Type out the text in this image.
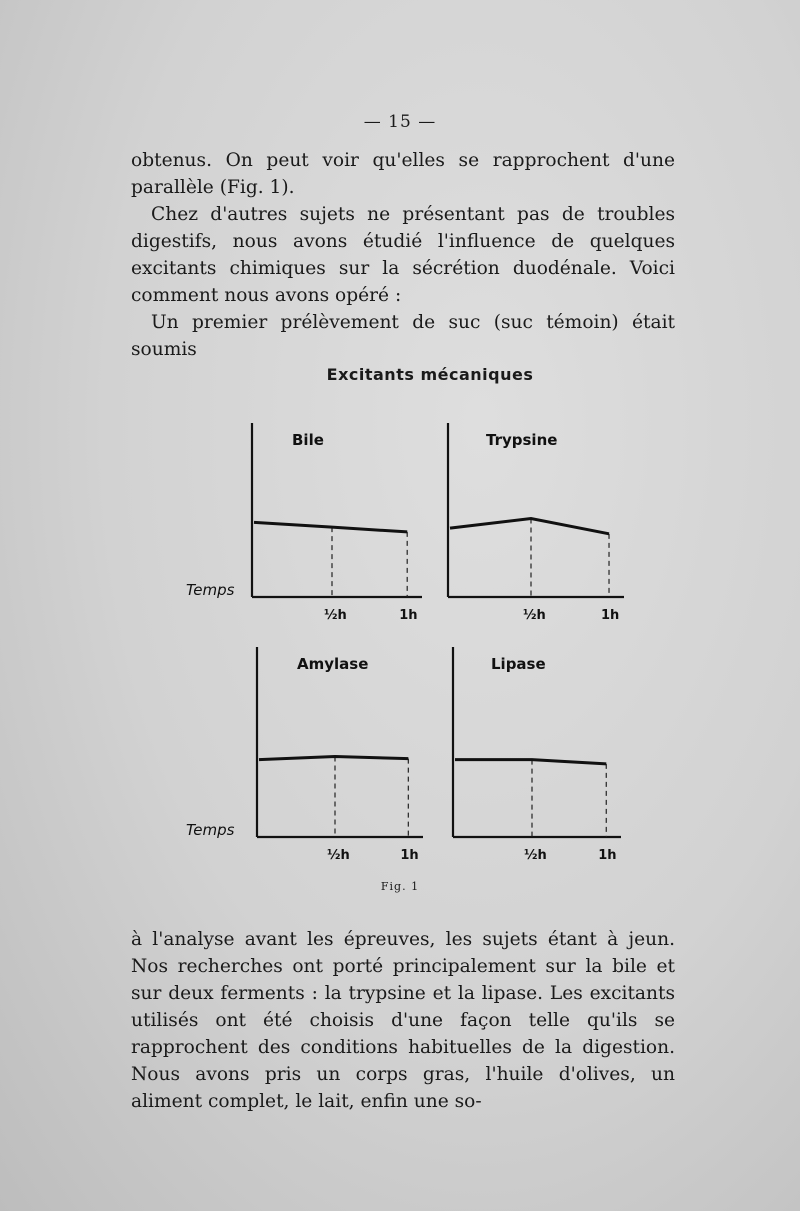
— 15 —

obtenus. On peut voir qu'elles se rapprochent d'une parallèle (Fig. 1).

Chez d'autres sujets ne présentant pas de troubles digestifs, nous avons étudié l'influence de quelques excitants chimiques sur la sécrétion duodénale. Voici comment nous avons opéré :

Un premier prélèvement de suc (suc témoin) était soumis

Excitants mécaniques
Bile
½h	1h
Trypsine
½h	1h
Amylase
½h	1h
Lipase
½h	1h
Temps
Temps
Fig. 1

à l'analyse avant les épreuves, les sujets étant à jeun. Nos recherches ont porté principalement sur la bile et sur deux ferments : la trypsine et la lipase. Les excitants utilisés ont été choisis d'une façon telle qu'ils se rapprochent des conditions habituelles de la digestion. Nous avons pris un corps gras, l'huile d'olives, un aliment complet, le lait, enfin une so-
